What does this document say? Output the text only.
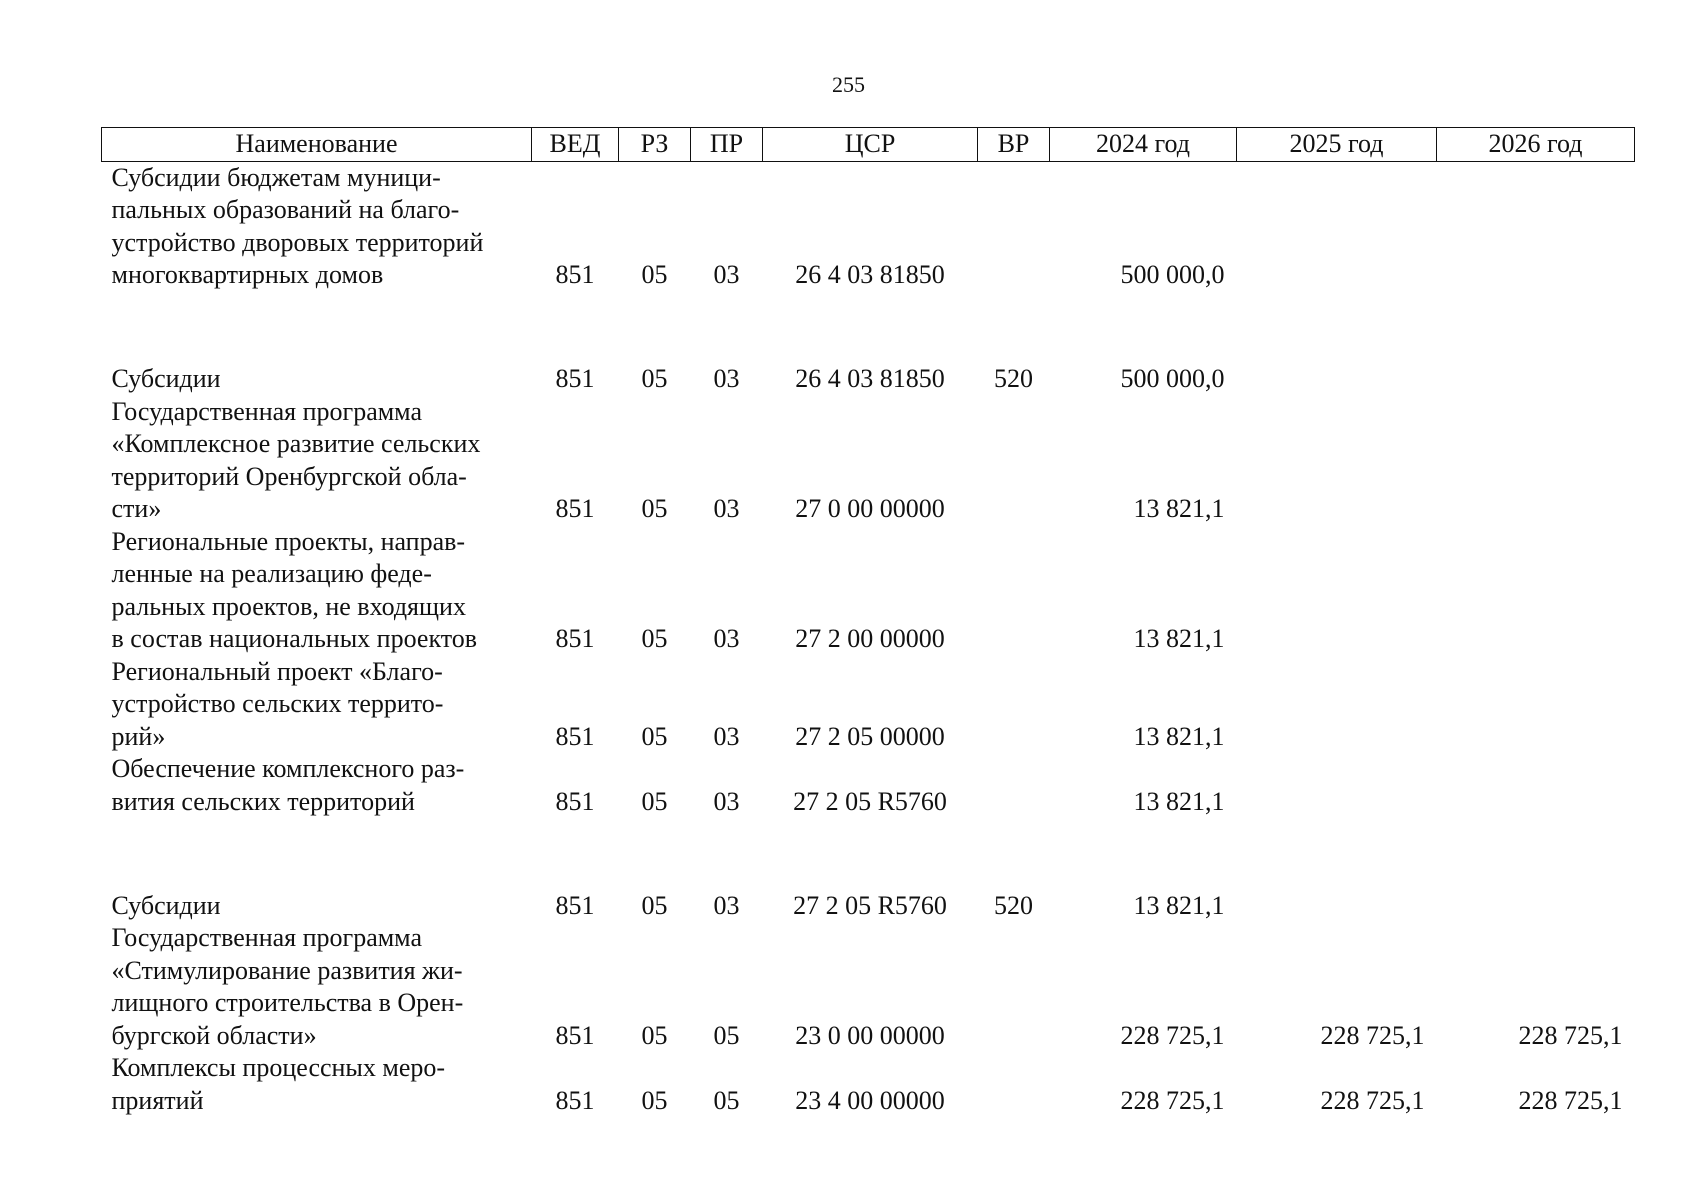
255
Наименование	ВЕД	РЗ	ПР	ЦСР	ВР	2024 год	2025 год	2026 год

Субсидии бюджетам муници-
пальных образований на благо-
устройство дворовых территорий
многоквартирных домов	851	05	03	26 4 03 81850		500 000,0		

Субсидии	851	05	03	26 4 03 81850	520	500 000,0		

Государственная программа
«Комплексное развитие сельских
территорий Оренбургской обла-
сти»	851	05	03	27 0 00 00000		13 821,1		

Региональные проекты, направ-
ленные на реализацию феде-
ральных проектов, не входящих
в состав национальных проектов	851	05	03	27 2 00 00000		13 821,1		

Региональный проект «Благо-
устройство сельских террито-
рий»	851	05	03	27 2 05 00000		13 821,1		

Обеспечение комплексного раз-
вития сельских территорий	851	05	03	27 2 05 R5760		13 821,1		

Субсидии	851	05	03	27 2 05 R5760	520	13 821,1		

Государственная программа
«Стимулирование развития жи-
лищного строительства в Орен-
бургской области»	851	05	05	23 0 00 00000		228 725,1	228 725,1	228 725,1

Комплексы процессных меро-
приятий	851	05	05	23 4 00 00000		228 725,1	228 725,1	228 725,1
